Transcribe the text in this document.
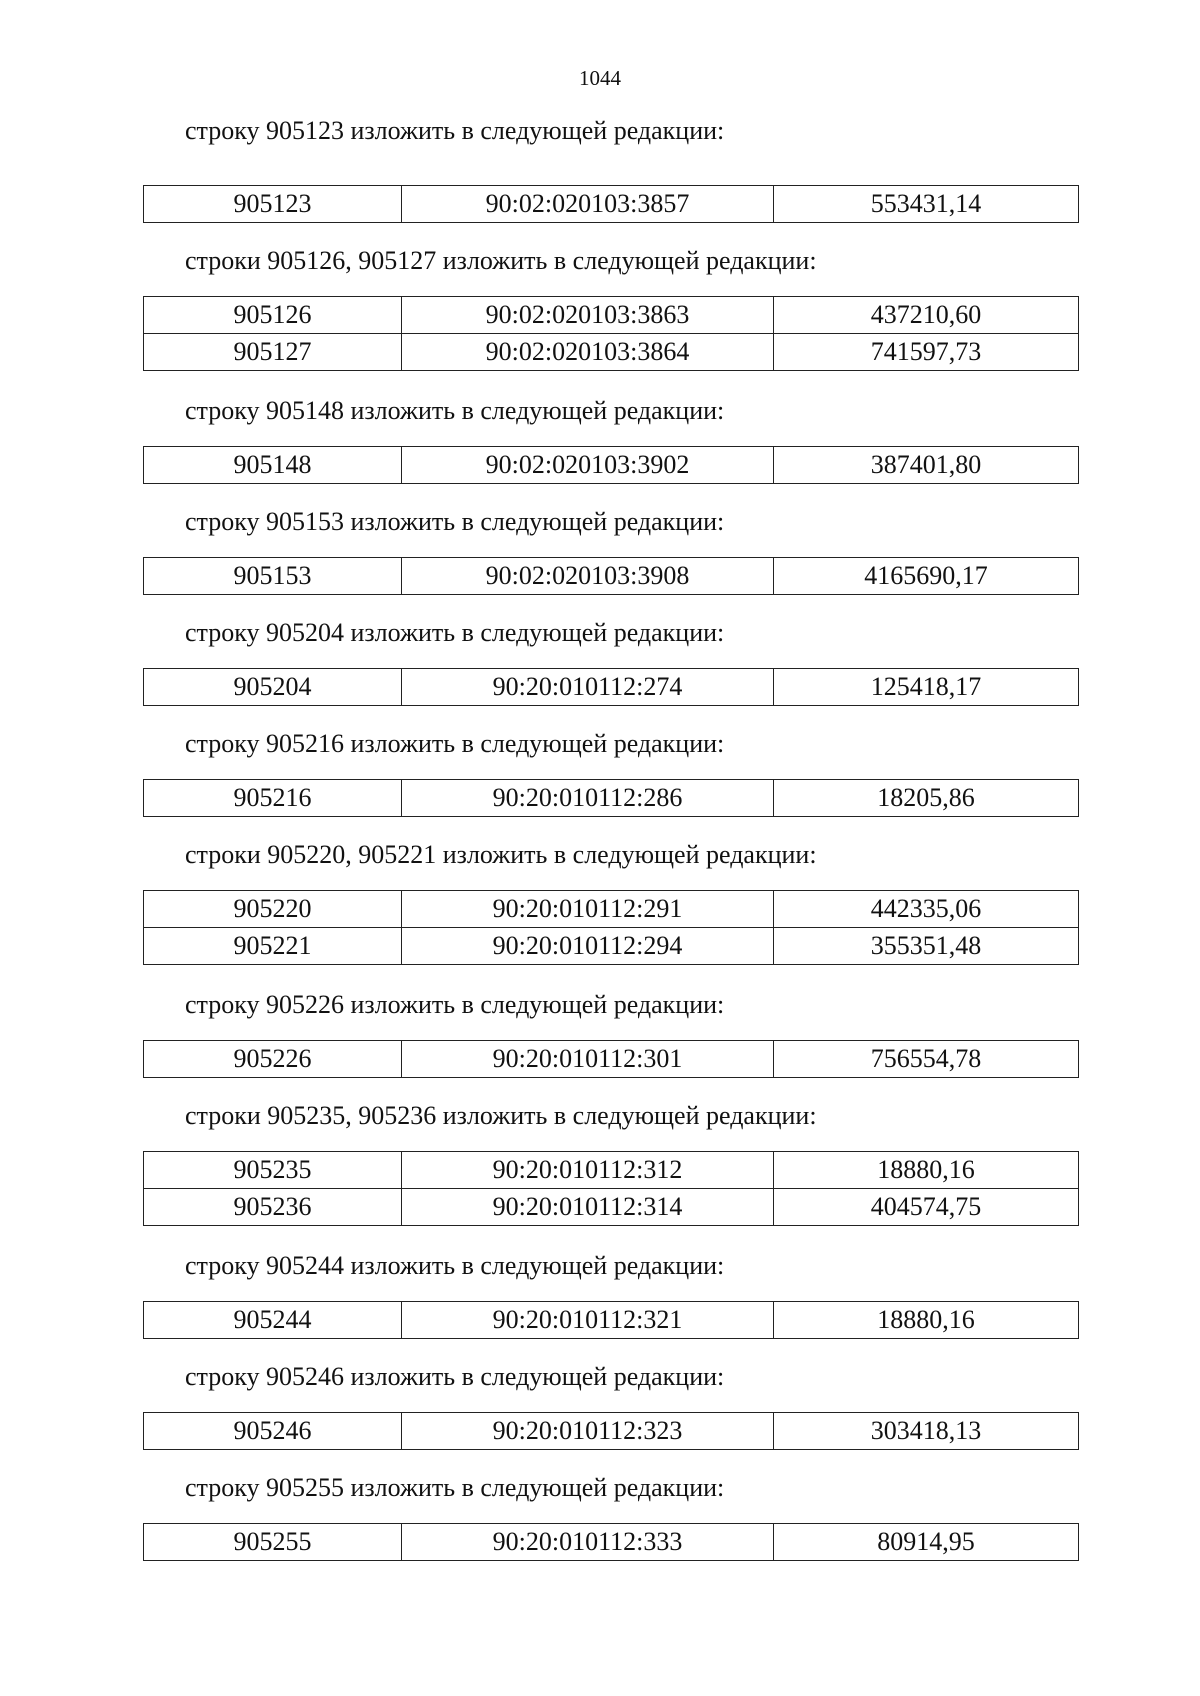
1044
строку 905123 изложить в следующей редакции:
905123	90:02:020103:3857	553431,14
строки 905126, 905127 изложить в следующей редакции:
905126	90:02:020103:3863	437210,60
905127	90:02:020103:3864	741597,73
строку 905148 изложить в следующей редакции:
905148	90:02:020103:3902	387401,80
строку 905153 изложить в следующей редакции:
905153	90:02:020103:3908	4165690,17
строку 905204 изложить в следующей редакции:
905204	90:20:010112:274	125418,17
строку 905216 изложить в следующей редакции:
905216	90:20:010112:286	18205,86
строки 905220, 905221 изложить в следующей редакции:
905220	90:20:010112:291	442335,06
905221	90:20:010112:294	355351,48
строку 905226 изложить в следующей редакции:
905226	90:20:010112:301	756554,78
строки 905235, 905236 изложить в следующей редакции:
905235	90:20:010112:312	18880,16
905236	90:20:010112:314	404574,75
строку 905244 изложить в следующей редакции:
905244	90:20:010112:321	18880,16
строку 905246 изложить в следующей редакции:
905246	90:20:010112:323	303418,13
строку 905255 изложить в следующей редакции:
905255	90:20:010112:333	80914,95
